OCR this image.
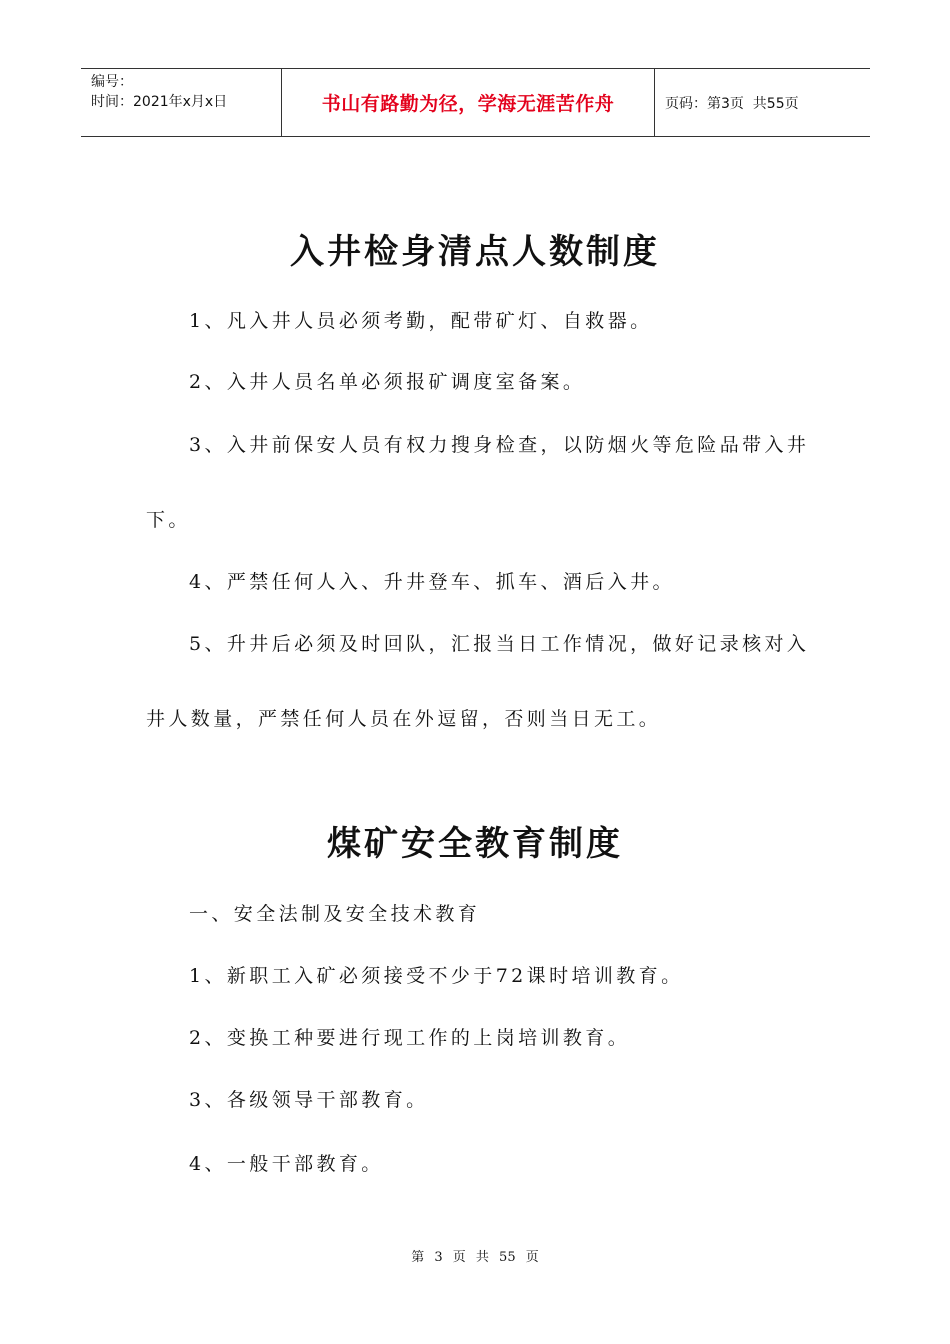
编号：
时间：2021年x月x日	书山有路勤为径，学海无涯苦作舟	页码：第3页  共55页
入井检身清点人数制度
1、凡入井人员必须考勤，配带矿灯、自救器。
2、入井人员名单必须报矿调度室备案。
3、入井前保安人员有权力搜身检查，以防烟火等危险品带入井
下。
4、严禁任何人入、升井登车、抓车、酒后入井。
5、升井后必须及时回队，汇报当日工作情况，做好记录核对入
井人数量，严禁任何人员在外逗留，否则当日无工。
煤矿安全教育制度
一、安全法制及安全技术教育
1、新职工入矿必须接受不少于72课时培训教育。
2、变换工种要进行现工作的上岗培训教育。
3、各级领导干部教育。
4、一般干部教育。
第 3 页 共 55 页
